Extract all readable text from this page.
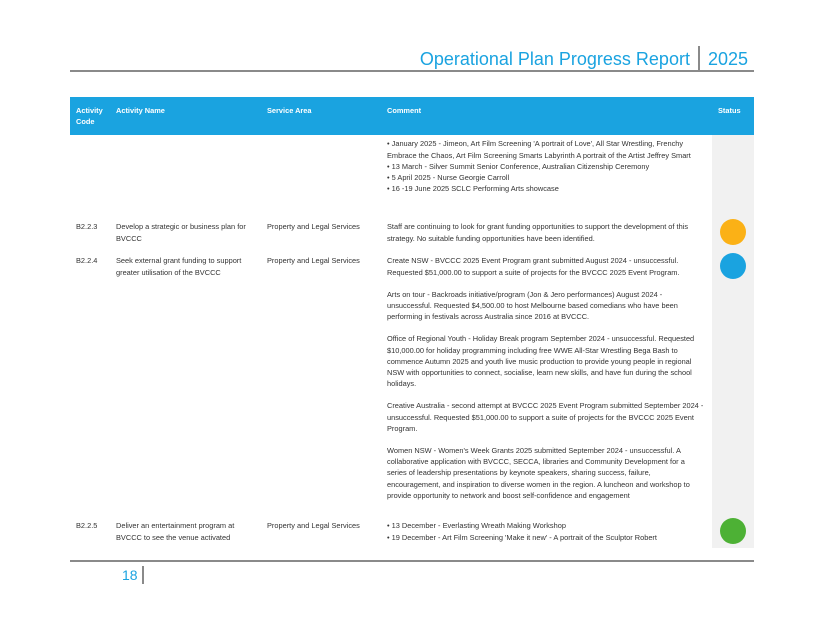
Operational Plan Progress Report 2025
Activity Code	Activity Name	Service Area	Comment	Status

			• January 2025 - Jimeon, Art Film Screening 'A portrait of Love', All Star Wrestling, Frenchy Embrace the Chaos, Art Film Screening Smarts Labyrinth A portrait of the Artist Jeffrey Smart
• 13 March - Silver Summit Senior Conference, Australian Citizenship Ceremony
• 5 April 2025 - Nurse Georgie Carroll
• 16 -19 June 2025 SCLC Performing Arts showcase	

B2.2.3	Develop a strategic or business plan for BVCCC	Property and Legal Services	Staff are continuing to look for grant funding opportunities to support the development of this strategy. No suitable funding opportunities have been identified.	

B2.2.4	Seek external grant funding to support greater utilisation of the BVCCC	Property and Legal Services	Create NSW - BVCCC 2025 Event Program grant submitted August 2024 - unsuccessful. Requested $51,000.00 to support a suite of projects for the BVCCC 2025 Event Program.

Arts on tour - Backroads initiative/program (Jon & Jero performances) August 2024 - unsuccessful. Requested $4,500.00 to host Melbourne based comedians who have been performing in festivals across Australia since 2016 at BVCCC.

Office of Regional Youth - Holiday Break program September 2024 - unsuccessful. Requested $10,000.00 for holiday programming including free WWE All-Star Wrestling Bega Bash to commence Autumn 2025 and youth live music production to provide young people in regional NSW with opportunities to connect, socialise, learn new skills, and have fun during the school holidays.

Creative Australia - second attempt at BVCCC 2025 Event Program submitted September 2024 - unsuccessful. Requested $51,000.00 to support a suite of projects for the BVCCC 2025 Event Program.

Women NSW - Women's Week Grants 2025 submitted September 2024 - unsuccessful. A collaborative application with BVCCC, SECCA, libraries and Community Development for a series of leadership presentations by keynote speakers, sharing success, failure, encouragement, and inspiration to diverse women in the region. A luncheon and workshop to provide opportunity to network and boost self-confidence and engagement	

B2.2.5	Deliver an entertainment program at BVCCC to see the venue activated	Property and Legal Services	• 13 December - Everlasting Wreath Making Workshop
• 19 December - Art Film Screening 'Make it new' - A portrait of the Sculptor Robert	

18
